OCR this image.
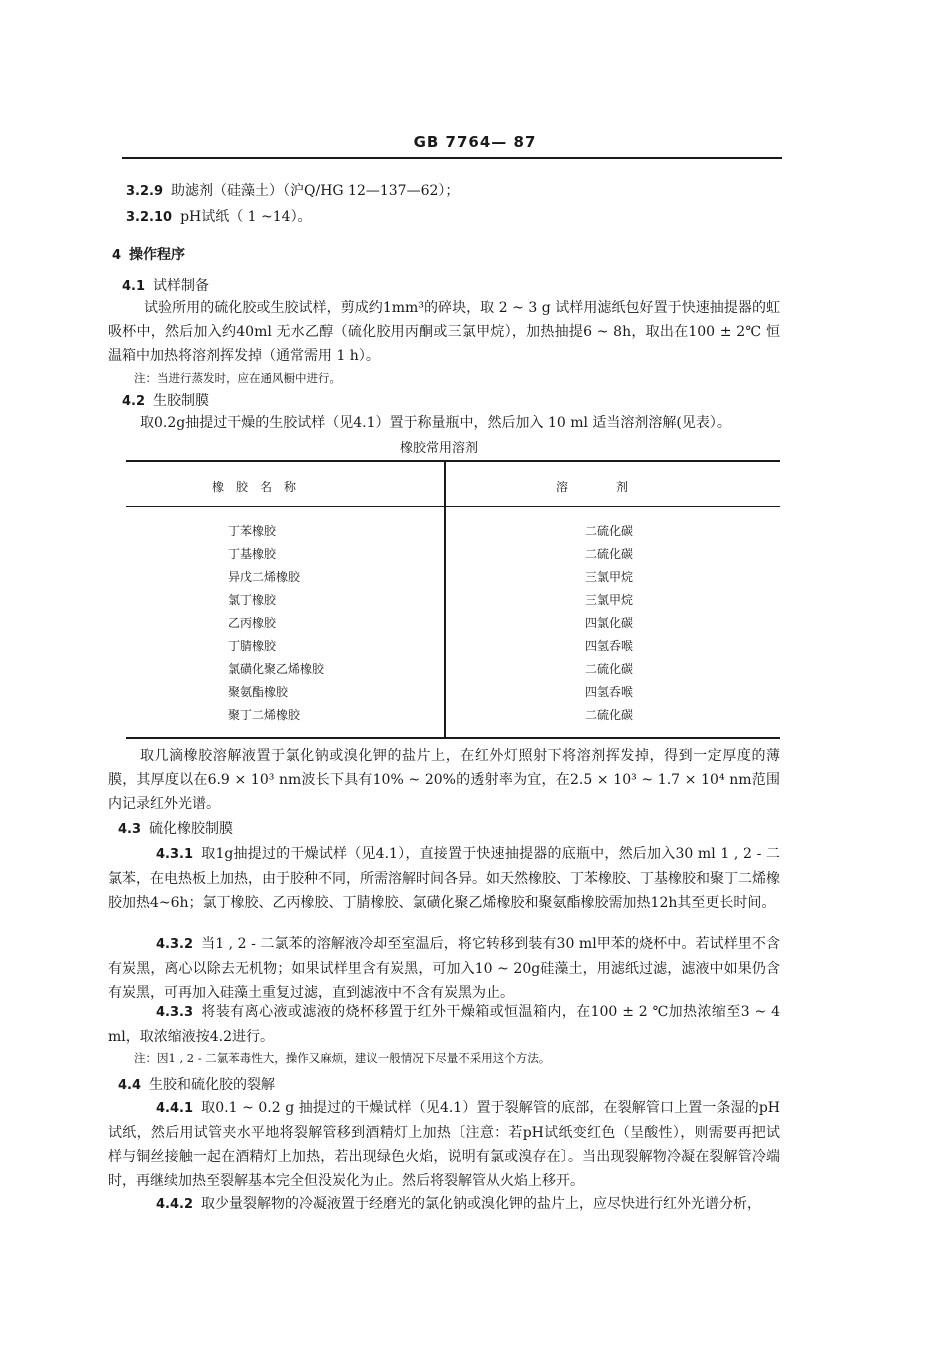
GB 7764— 87
3.2.9 助滤剂（硅藻土）（沪Q/HG 12—137—62）；
3.2.10 pH试纸（ 1 ~14）。
4 操作程序
4.1 试样制备
试验所用的硫化胶或生胶试样，剪成约1mm³的碎块，取 2 ~ 3 g 试样用滤纸包好置于快速抽提器的虹吸杯中，然后加入约40ml 无水乙醇（硫化胶用丙酮或三氯甲烷），加热抽提6 ~ 8h，取出在100 ± 2℃ 恒温箱中加热将溶剂挥发掉（通常需用 1 h）。
注：当进行蒸发时，应在通风橱中进行。
4.2 生胶制膜
取0.2g抽提过干燥的生胶试样（见4.1）置于称量瓶中，然后加入 10 ml 适当溶剂溶解(见表）。
橡胶常用溶剂
橡　胶　名　称	溶　　　　剂
丁苯橡胶	二硫化碳
丁基橡胶	二硫化碳
异戊二烯橡胶	三氯甲烷
氯丁橡胶	三氯甲烷
乙丙橡胶	四氯化碳
丁腈橡胶	四氢呑喉
氯磺化聚乙烯橡胶	二硫化碳
聚氨酯橡胶	四氢呑喉
聚丁二烯橡胶	二硫化碳
取几滴橡胶溶解液置于氯化钠或溴化钾的盐片上，在红外灯照射下将溶剂挥发掉，得到一定厚度的薄膜，其厚度以在6.9 × 10³ nm波长下具有10% ~ 20%的透射率为宜，在2.5 × 10³ ~ 1.7 × 10⁴ nm范围内记录红外光谱。
4.3 硫化橡胶制膜
4.3.1 取1g抽提过的干燥试样（见4.1），直接置于快速抽提器的底瓶中，然后加入30 ml 1 , 2 - 二氯苯，在电热板上加热，由于胶种不同，所需溶解时间各异。如天然橡胶、丁苯橡胶、丁基橡胶和聚丁二烯橡胶加热4~6h；氯丁橡胶、乙丙橡胶、丁腈橡胶、氯磺化聚乙烯橡胶和聚氨酯橡胶需加热12h其至更长时间。
4.3.2 当1 , 2 - 二氯苯的溶解液冷却至室温后，将它转移到装有30 ml甲苯的烧杯中。若试样里不含有炭黑，离心以除去无机物；如果试样里含有炭黑，可加入10 ~ 20g硅藻土，用滤纸过滤，滤液中如果仍含有炭黑，可再加入硅藻土重复过滤，直到滤液中不含有炭黑为止。
4.3.3 将装有离心液或滤液的烧杯移置于红外干燥箱或恒温箱内，在100 ± 2 ℃加热浓缩至3 ~ 4 ml，取浓缩液按4.2进行。
注：因1 , 2 - 二氯苯毒性大，操作又麻烦，建议一般情况下尽量不采用这个方法。
4.4 生胶和硫化胶的裂解
4.4.1 取0.1 ~ 0.2 g 抽提过的干燥试样（见4.1）置于裂解管的底部，在裂解管口上置一条湿的pH试纸，然后用试管夹水平地将裂解管移到酒精灯上加热〔注意：若pH试纸变红色（呈酸性），则需要再把试样与铜丝接触一起在酒精灯上加热，若出现绿色火焰，说明有氯或溴存在〕。当出现裂解物冷凝在裂解管冷端时，再继续加热至裂解基本完全但没炭化为止。然后将裂解管从火焰上移开。
4.4.2 取少量裂解物的冷凝液置于经磨光的氯化钠或溴化钾的盐片上，应尽快进行红外光谱分析，
